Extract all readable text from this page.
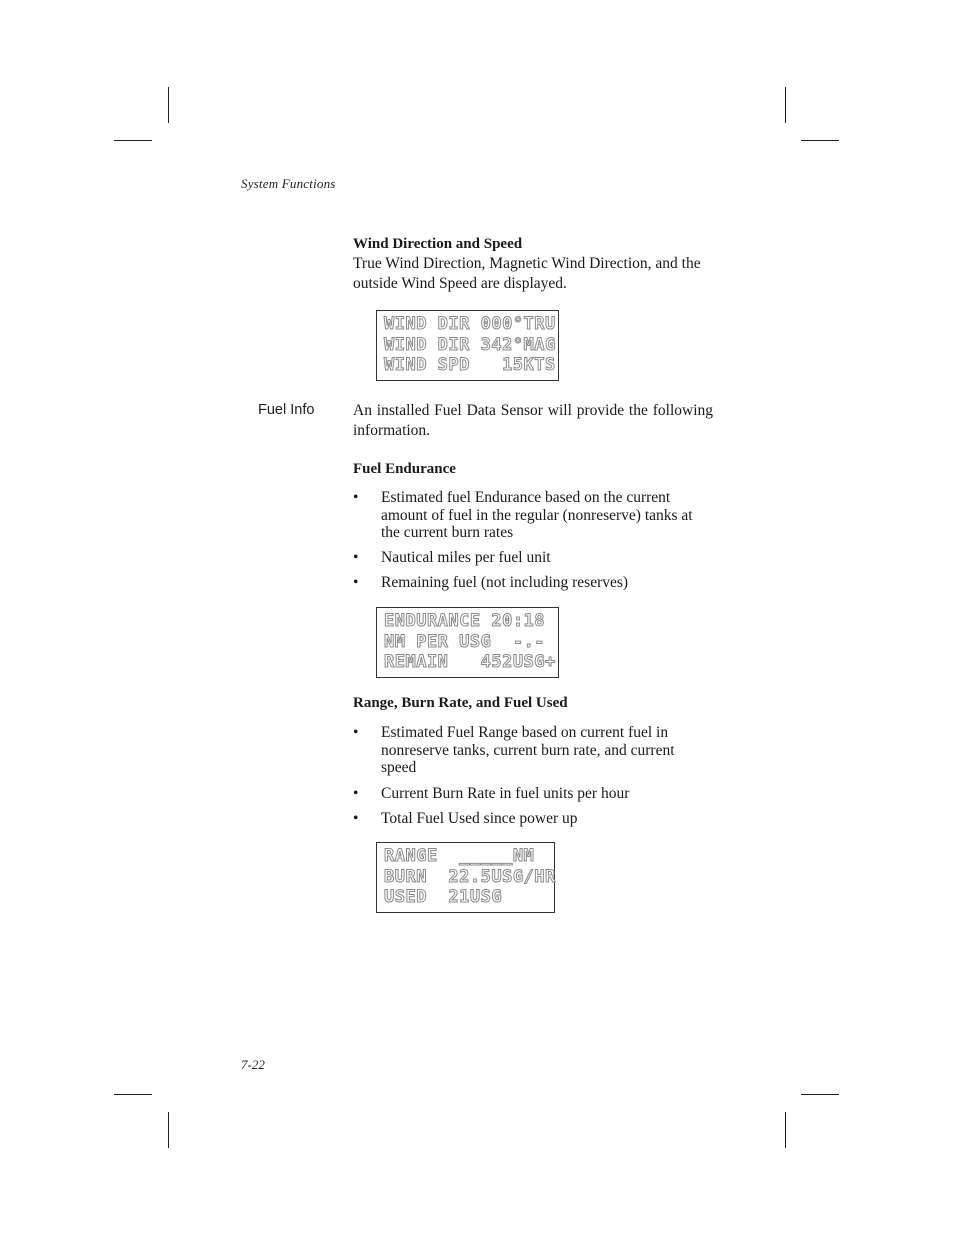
System Functions
Wind Direction and Speed
True Wind Direction, Magnetic Wind Direction, and the outside Wind Speed are displayed.
WIND DIR 000°TRU
WIND DIR 342°MAG
WIND SPD   15KTS
Fuel Info An installed Fuel Data Sensor will provide the following information.
Fuel Endurance
• Estimated fuel Endurance based on the current amount of fuel in the regular (nonreserve) tanks at the current burn rates
• Nautical miles per fuel unit
• Remaining fuel (not including reserves)
ENDURANCE 20:18
NM PER USG  -.-
REMAIN   452USG+
Range, Burn Rate, and Fuel Used
• Estimated Fuel Range based on current fuel in nonreserve tanks, current burn rate, and current speed
• Current Burn Rate in fuel units per hour
• Total Fuel Used since power up
RANGE  _____NM
BURN  22.5USG/HR
USED  21USG
7-22
